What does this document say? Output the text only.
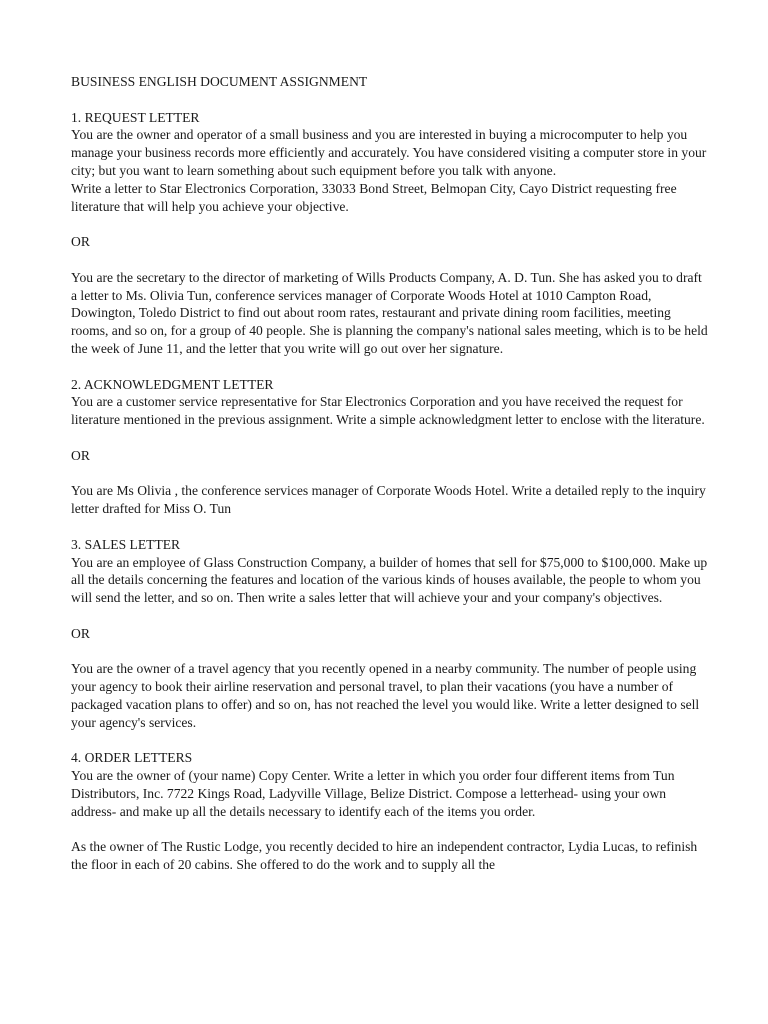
BUSINESS ENGLISH DOCUMENT ASSIGNMENT

1. REQUEST LETTER

You are the owner and operator of a small business and you are interested in buying a microcomputer to help you manage your business records more efficiently and accurately. You have considered visiting a computer store in your city; but you want to learn something about such equipment before you talk with anyone.

Write a letter to Star Electronics Corporation, 33033 Bond Street, Belmopan City, Cayo District requesting free literature that will help you achieve your objective.

OR

You are the secretary to the director of marketing of Wills Products Company, A. D. Tun. She has asked you to draft a letter to Ms. Olivia Tun, conference services manager of Corporate Woods Hotel at 1010 Campton Road, Dowington, Toledo District to find out about room rates, restaurant and private dining room facilities, meeting rooms, and so on, for a group of 40 people. She is planning the company's national sales meeting, which is to be held the week of June 11, and the letter that you write will go out over her signature.

2. ACKNOWLEDGMENT LETTER

You are a customer service representative for Star Electronics Corporation and you have received the request for literature mentioned in the previous assignment. Write a simple acknowledgment letter to enclose with the literature.

OR

You are Ms Olivia , the conference services manager of Corporate Woods Hotel. Write a detailed reply to the inquiry letter drafted for Miss O. Tun

3. SALES LETTER

You are an employee of Glass Construction Company, a builder of homes that sell for $75,000 to $100,000. Make up all the details concerning the features and location of the various kinds of houses available, the people to whom you will send the letter, and so on. Then write a sales letter that will achieve your and your company's objectives.

OR

You are the owner of a travel agency that you recently opened in a nearby community. The number of people using your agency to book their airline reservation and personal travel, to plan their vacations (you have a number of packaged vacation plans to offer) and so on, has not reached the level you would like. Write a letter designed to sell your agency's services.

4. ORDER LETTERS

You are the owner of (your name) Copy Center. Write a letter in which you order four different items from Tun Distributors, Inc. 7722 Kings Road, Ladyville Village, Belize District. Compose a letterhead- using your own address- and make up all the details necessary to identify each of the items you order.

As the owner of The Rustic Lodge, you recently decided to hire an independent contractor, Lydia Lucas, to refinish the floor in each of 20 cabins. She offered to do the work and to supply all the
